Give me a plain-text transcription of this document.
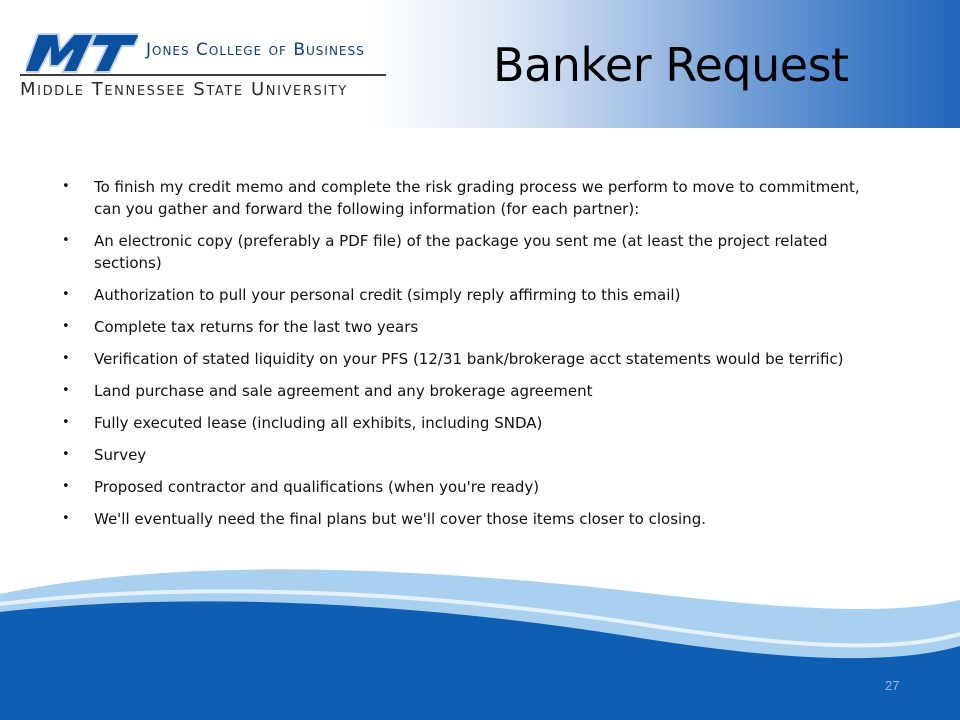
MT
Jones College of Business
Middle Tennessee State University	Banker Request
• To finish my credit memo and complete the risk grading process we perform to move to commitment, can you gather and forward the following information (for each partner):
• An electronic copy (preferably a PDF file) of the package you sent me (at least the project related sections)
• Authorization to pull your personal credit (simply reply affirming to this email)
• Complete tax returns for the last two years
• Verification of stated liquidity on your PFS (12/31 bank/brokerage acct statements would be terrific)
• Land purchase and sale agreement and any brokerage agreement
• Fully executed lease (including all exhibits, including SNDA)
• Survey
• Proposed contractor and qualifications (when you're ready)
• We'll eventually need the final plans but we'll cover those items closer to closing.
27
